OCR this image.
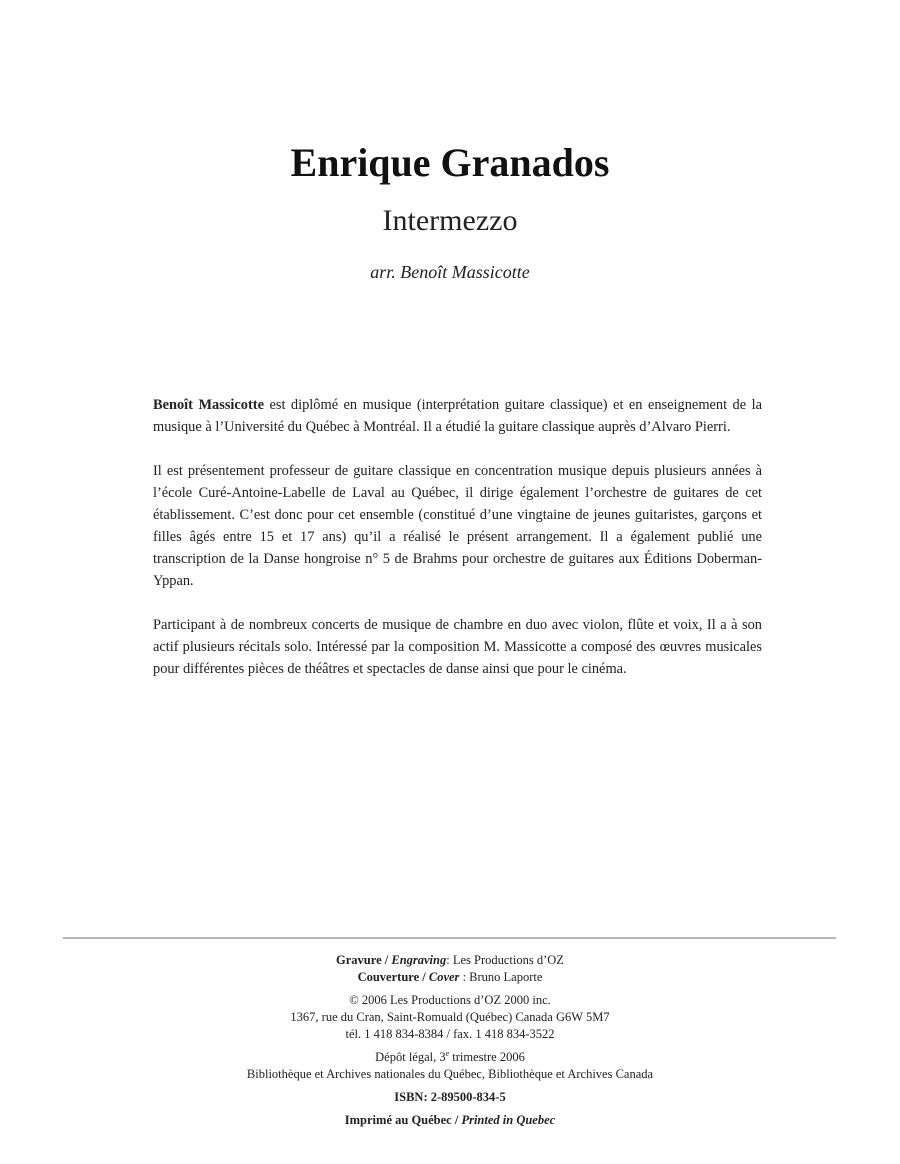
Enrique Granados
Intermezzo
arr. Benoît Massicotte

Benoît Massicotte est diplômé en musique (interprétation guitare classique) et en enseignement de la musique à l’Université du Québec à Montréal. Il a étudié la guitare classique auprès d’Alvaro Pierri.

Il est présentement professeur de guitare classique en concentration musique depuis plusieurs années à l’école Curé-Antoine-Labelle de Laval au Québec, il dirige également l’orchestre de guitares de cet établissement. C’est donc pour cet ensemble (constitué d’une vingtaine de jeunes guitaristes, garçons et filles âgés entre 15 et 17 ans) qu’il a réalisé le présent arrangement. Il a également publié une transcription de la Danse hongroise n° 5 de Brahms pour orchestre de guitares aux Éditions Doberman-Yppan.

Participant à de nombreux concerts de musique de chambre en duo avec violon, flûte et voix, Il a à son actif plusieurs récitals solo. Intéressé par la composition M. Massicotte a composé des œuvres musicales pour différentes pièces de théâtres et spectacles de danse ainsi que pour le cinéma.

Gravure / Engraving: Les Productions d’OZ
Couverture / Cover : Bruno Laporte
© 2006 Les Productions d’OZ 2000 inc.
1367, rue du Cran, Saint-Romuald (Québec) Canada G6W 5M7
tél. 1 418 834-8384 / fax. 1 418 834-3522
Dépôt légal, 3e trimestre 2006
Bibliothèque et Archives nationales du Québec, Bibliothèque et Archives Canada
ISBN: 2-89500-834-5
Imprimé au Québec / Printed in Quebec
